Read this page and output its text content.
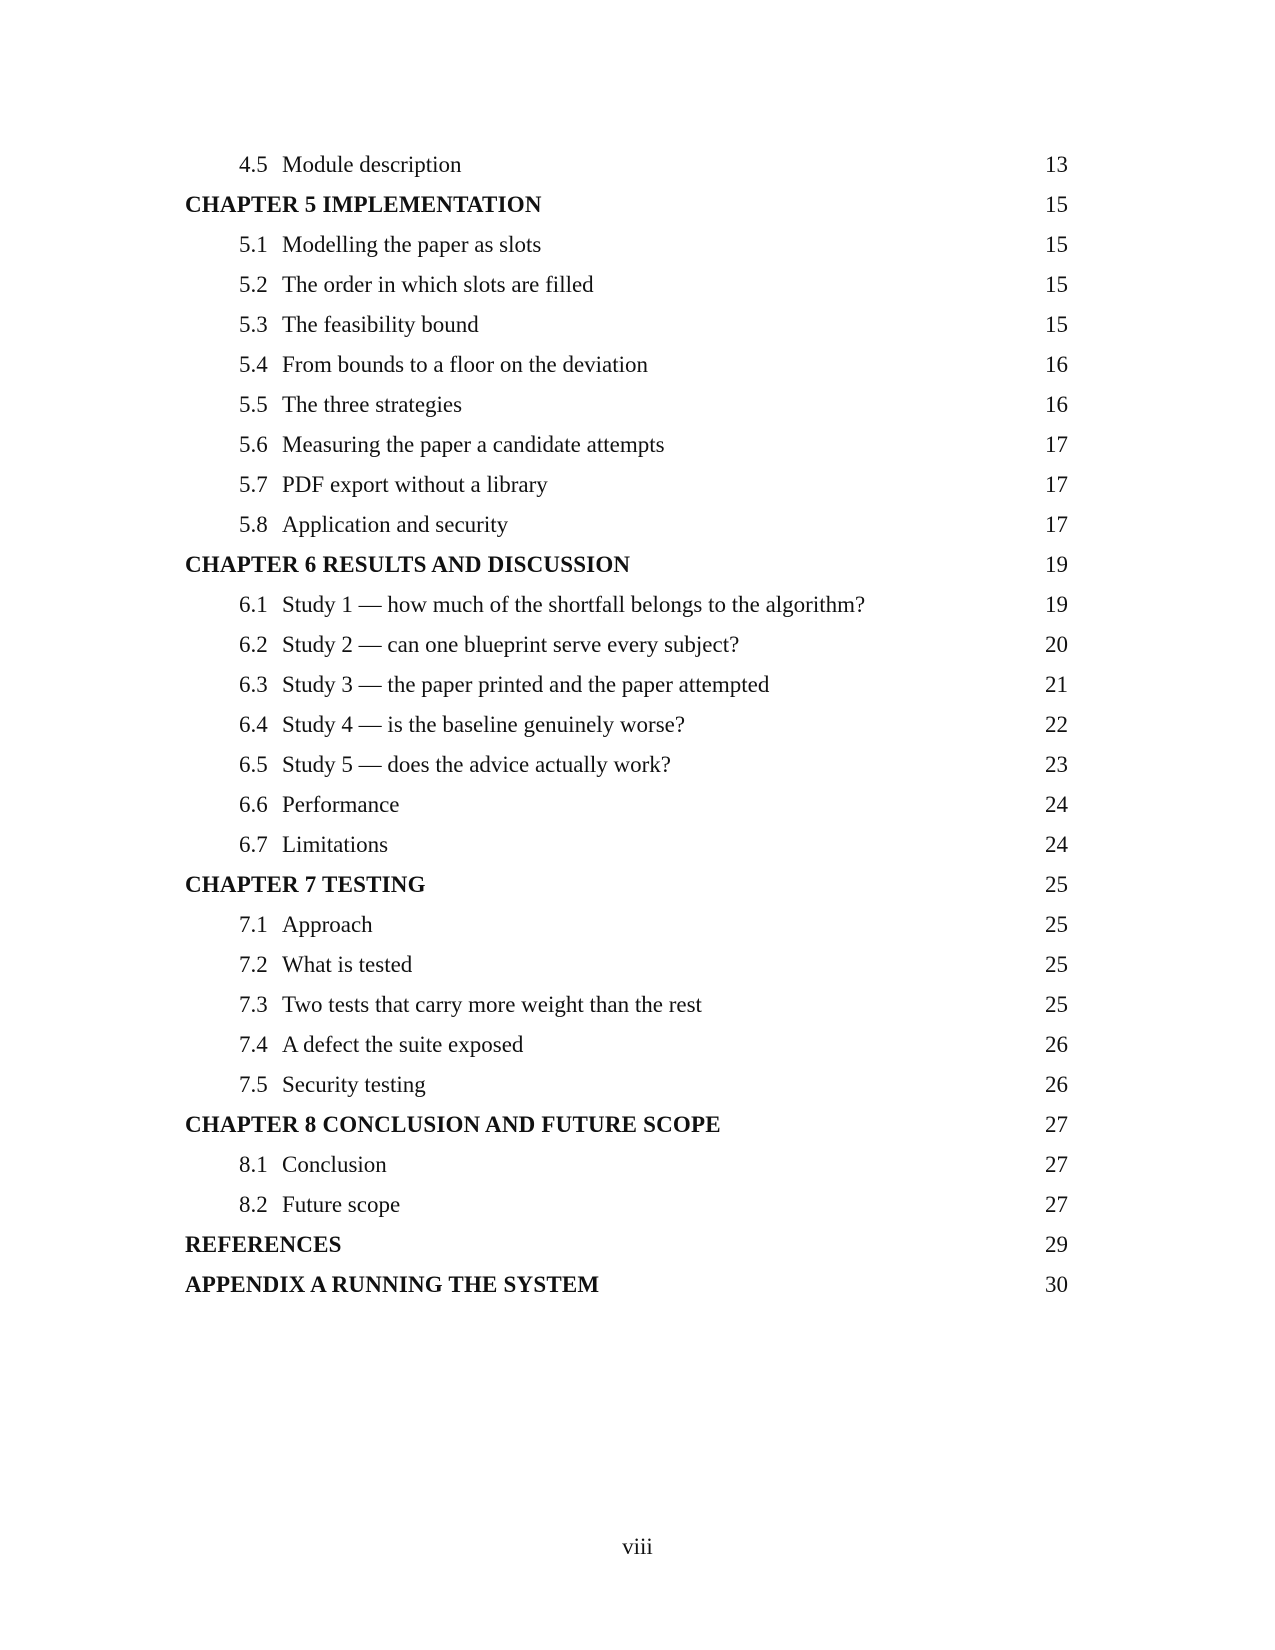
4.5 Module description	13
CHAPTER 5 IMPLEMENTATION	15
5.1 Modelling the paper as slots	15
5.2 The order in which slots are filled	15
5.3 The feasibility bound	15
5.4 From bounds to a floor on the deviation	16
5.5 The three strategies	16
5.6 Measuring the paper a candidate attempts	17
5.7 PDF export without a library	17
5.8 Application and security	17
CHAPTER 6 RESULTS AND DISCUSSION	19
6.1 Study 1 — how much of the shortfall belongs to the algorithm?	19
6.2 Study 2 — can one blueprint serve every subject?	20
6.3 Study 3 — the paper printed and the paper attempted	21
6.4 Study 4 — is the baseline genuinely worse?	22
6.5 Study 5 — does the advice actually work?	23
6.6 Performance	24
6.7 Limitations	24
CHAPTER 7 TESTING	25
7.1 Approach	25
7.2 What is tested	25
7.3 Two tests that carry more weight than the rest	25
7.4 A defect the suite exposed	26
7.5 Security testing	26
CHAPTER 8 CONCLUSION AND FUTURE SCOPE	27
8.1 Conclusion	27
8.2 Future scope	27
REFERENCES	29
APPENDIX A RUNNING THE SYSTEM	30
viii
